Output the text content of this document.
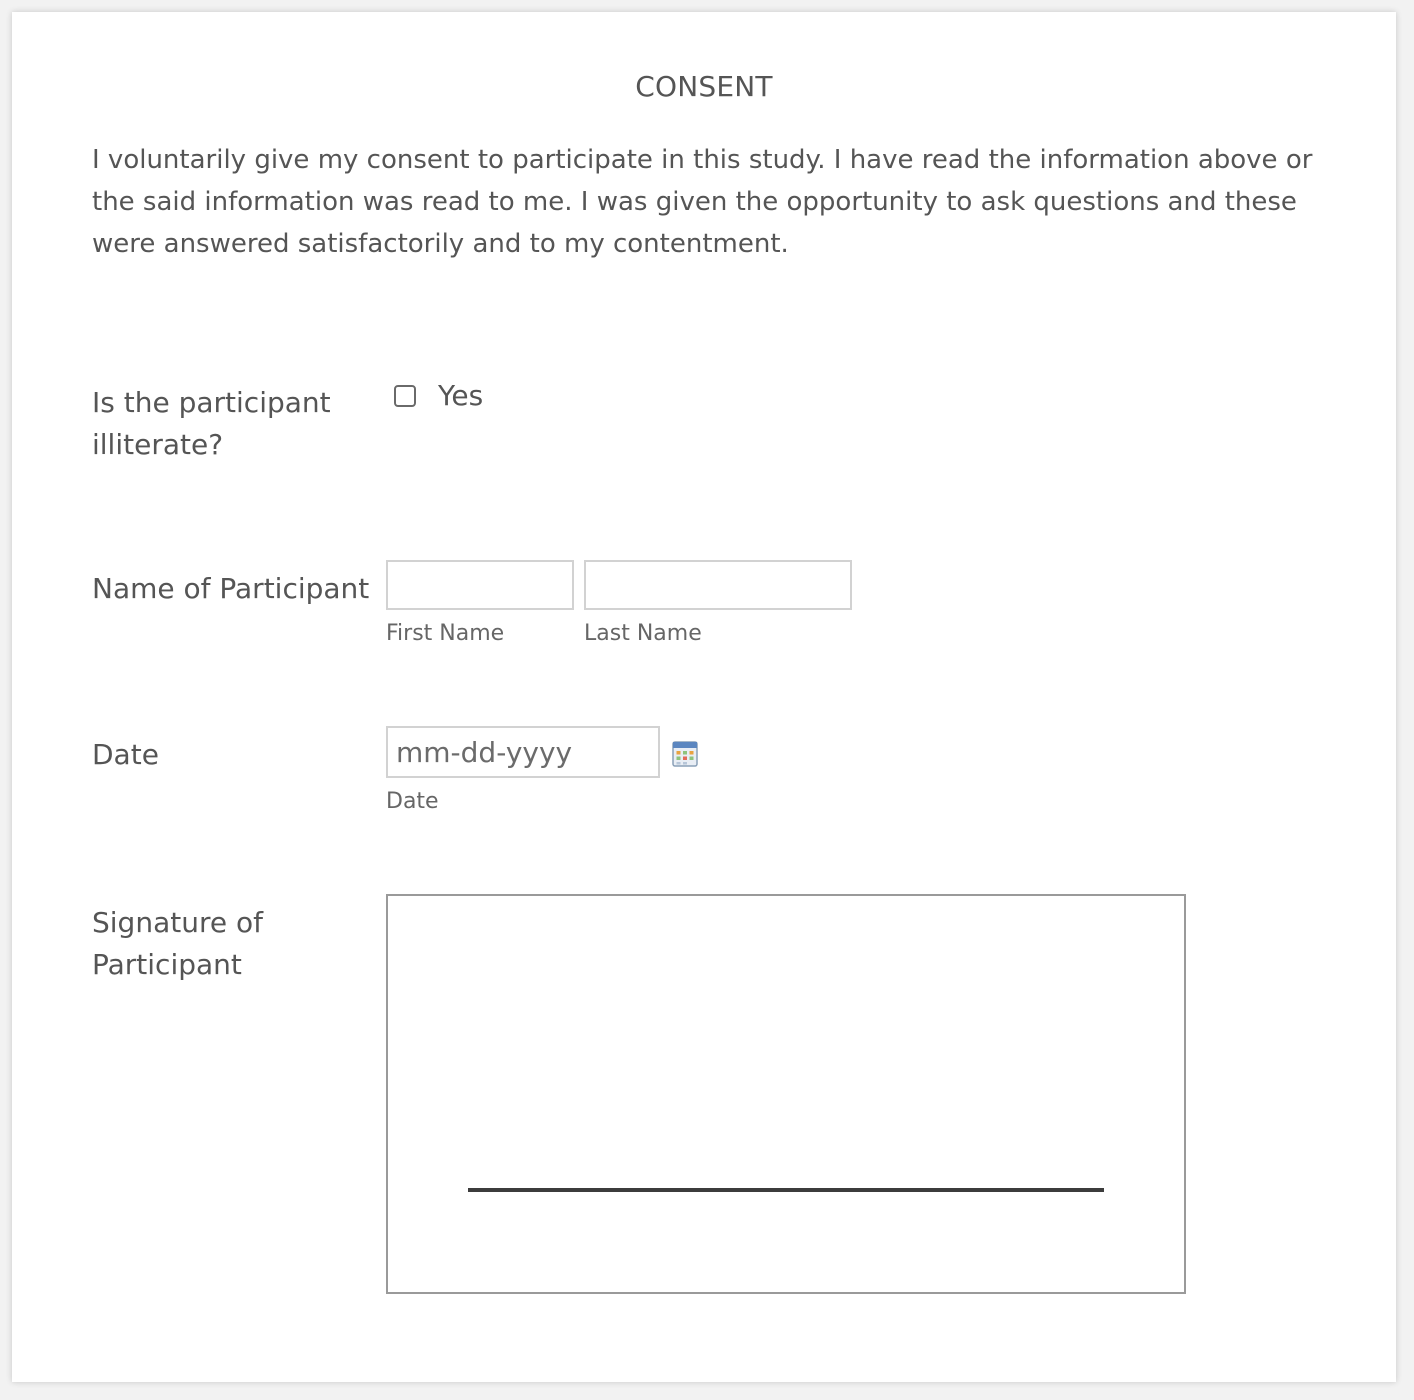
CONSENT

I voluntarily give my consent to participate in this study. I have read the information above or the said information was read to me. I was given the opportunity to ask questions and these were answered satisfactorily and to my contentment.

Is the participant illiterate?

Yes

Name of Participant

First Name	Last Name

Date

mm-dd-yyyy
Date

Signature of Participant
